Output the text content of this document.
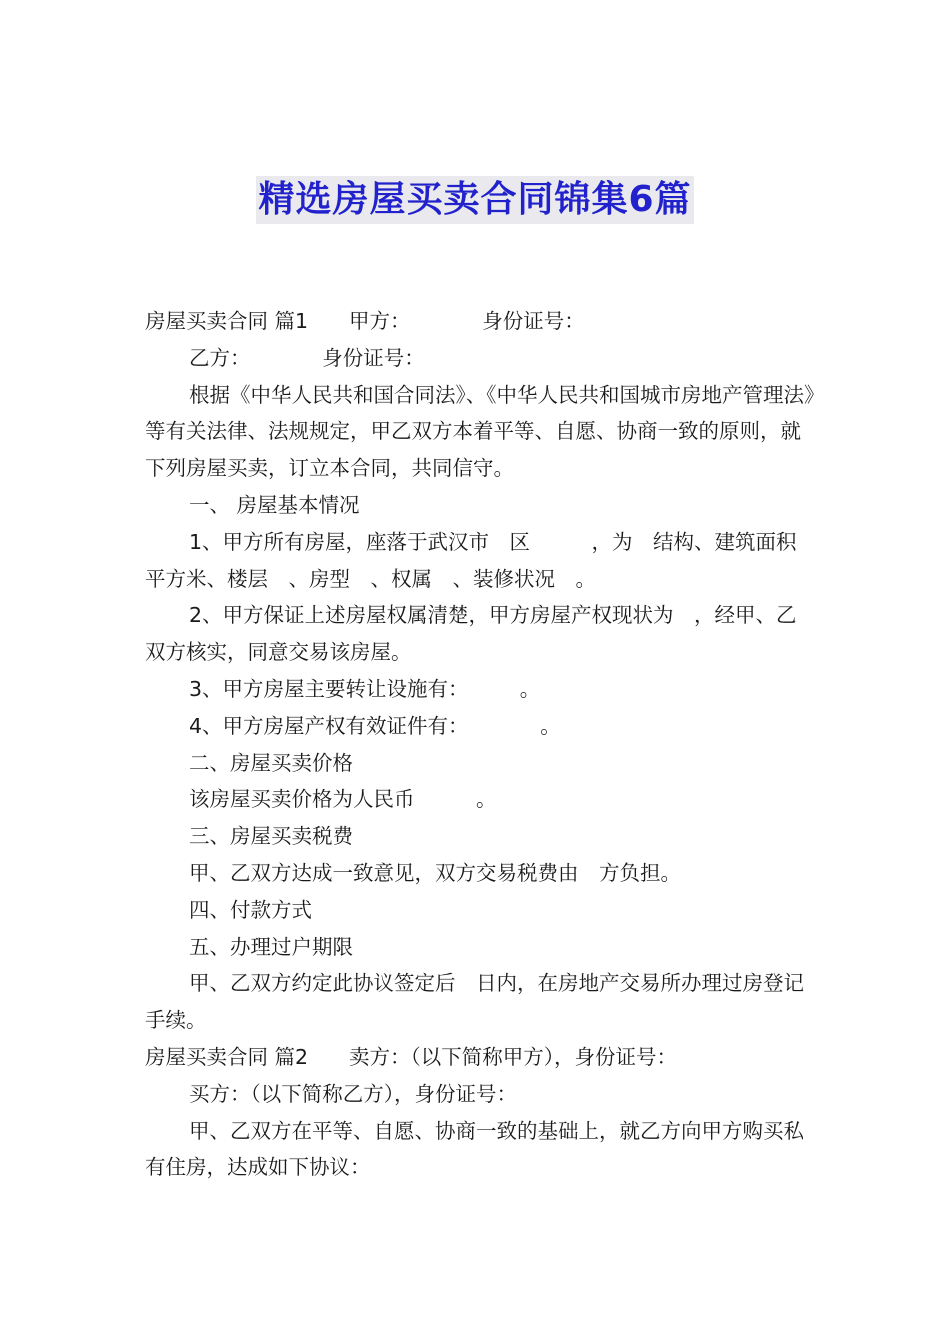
精选房屋买卖合同锦集6篇

房屋买卖合同 篇1　　甲方：　　　　身份证号：

乙方：　　　　身份证号：

根据《中华人民共和国合同法》、《中华人民共和国城市房地产管理法》等有关法律、法规规定，甲乙双方本着平等、自愿、协商一致的原则，就下列房屋买卖，订立本合同，共同信守。

一、 房屋基本情况

1、甲方所有房屋，座落于武汉市　区　　　，为　结构、建筑面积　平方米、楼层　、房型　、权属　、装修状况　。

2、甲方保证上述房屋权属清楚，甲方房屋产权现状为　，经甲、乙双方核实，同意交易该房屋。

3、甲方房屋主要转让设施有：　　　。

4、甲方房屋产权有效证件有：　　　　。

二、房屋买卖价格

该房屋买卖价格为人民币　　　。

三、房屋买卖税费

甲、乙双方达成一致意见，双方交易税费由　方负担。

四、付款方式

五、办理过户期限

甲、乙双方约定此协议签定后　日内，在房地产交易所办理过房登记手续。

房屋买卖合同 篇2　　卖方：（以下简称甲方），身份证号：

买方：（以下简称乙方），身份证号：

甲、乙双方在平等、自愿、协商一致的基础上，就乙方向甲方购买私有住房，达成如下协议：
